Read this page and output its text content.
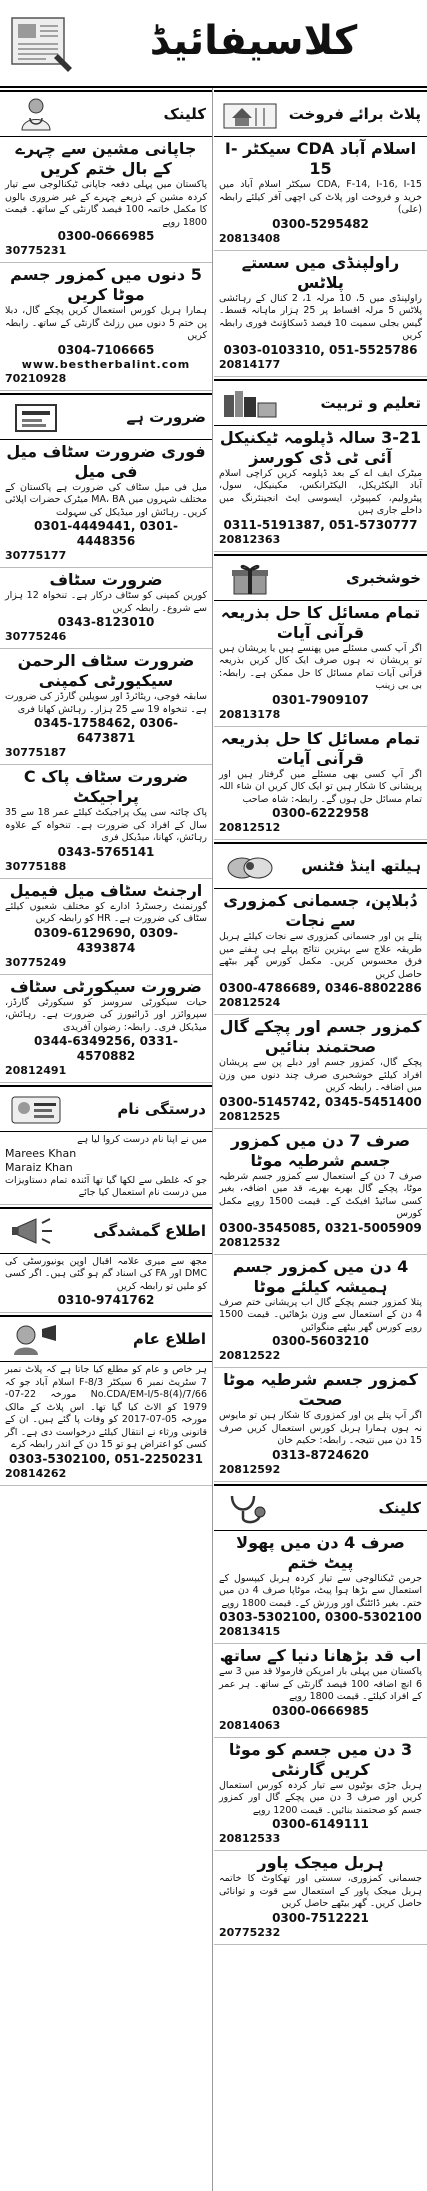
کلاسیفائیڈ
پلاٹ برائے فروخت
اسلام آباد CDA سیکٹر I-15
CDA, F-14, I-16, I-15 سیکٹر اسلام آباد میں خرید و فروخت اور پلاٹ کی اچھی آفر کیلئے رابطہ (علی)
0300-5295482
20813408
راولپنڈی میں سستے پلاٹس
راولپنڈی میں 5، 10 مرلہ 1، 2 کنال کے رہائشی پلاٹس 5 مرلہ اقساط پر 25 ہزار ماہانہ قسط۔ گیس بجلی سمیت 10 فیصد ڈسکاؤنٹ فوری رابطہ کریں
0303-0103310, 051-5525786
20814177
تعلیم و تربیت
3-21 سالہ ڈپلومہ ٹیکنیکل آئی ٹی ڈی کورسز
میٹرک ایف اے کے بعد ڈپلومہ کریں کراچی اسلام آباد الیکٹریکل، الیکٹرانکس، مکینیکل، سول، پیٹرولیم، کمپیوٹر، ایسوسی ایٹ انجینئرنگ میں داخلے جاری ہیں
0311-5191387, 051-5730777
20812363
خوشخبری
تمام مسائل کا حل بذریعہ قرآنی آیات
اگر آپ کسی مسئلے میں پھنسے ہیں یا پریشان ہیں تو پریشان نہ ہوں صرف ایک کال کریں بذریعہ قرآنی آیات تمام مسائل کا حل ممکن ہے۔ رابطہ: بی بی زینب
0301-7909107
20813178
تمام مسائل کا حل بذریعہ قرآنی آیات
اگر آپ کسی بھی مسئلے میں گرفتار ہیں اور پریشانی کا شکار ہیں تو ایک کال کریں ان شاء اللہ تمام مسائل حل ہوں گے۔ رابطہ: شاہ صاحب
0300-6222958
20812512
ہیلتھ اینڈ فٹنس
دُبلاپن، جسمانی کمزوری سے نجات
پتلے پن اور جسمانی کمزوری سے نجات کیلئے ہربل طریقہ علاج سے بہترین نتائج پہلے ہی ہفتے میں فرق محسوس کریں۔ مکمل کورس گھر بیٹھے حاصل کریں
0300-4786689, 0346-8802286
20812524
کمزور جسم اور پچکے گال صحتمند بنائیں
پچکے گال، کمزور جسم اور دبلے پن سے پریشان افراد کیلئے خوشخبری صرف چند دنوں میں وزن میں اضافہ۔ رابطہ کریں
0300-5145742, 0345-5451400
20812525
صرف 7 دن میں کمزور جسم شرطیہ موٹا
صرف 7 دن کے استعمال سے کمزور جسم شرطیہ موٹا، پچکے گال بھرے بھرے، قد میں اضافہ، بغیر کسی سائیڈ افیکٹ کے۔ قیمت 1500 روپے مکمل کورس
0300-3545085, 0321-5005909
20812532
4 دن میں کمزور جسم ہمیشہ کیلئے موٹا
پتلا کمزور جسم پچکے گال اب پریشانی ختم صرف 4 دن کے استعمال سے وزن بڑھائیں۔ قیمت 1500 روپے کورس گھر بیٹھے منگوائیں
0300-5603210
20812522
کمزور جسم شرطیہ موٹا صحت
اگر آپ پتلے پن اور کمزوری کا شکار ہیں تو مایوس نہ ہوں ہمارا ہربل کورس استعمال کریں صرف 15 دن میں نتیجہ۔ رابطہ: حکیم خان
0313-8724620
20812592
کلینک
صرف 4 دن میں پھولا پیٹ ختم
جرمن ٹیکنالوجی سے تیار کردہ ہربل کیپسول کے استعمال سے بڑھا ہوا پیٹ، موٹاپا صرف 4 دن میں ختم۔ بغیر ڈائٹنگ اور ورزش کے۔ قیمت 1800 روپے
0303-5302100, 0300-5302100
20813415
اب قد بڑھانا دنیا کے ساتھ
پاکستان میں پہلی بار امریکن فارمولا قد میں 3 سے 6 انچ اضافہ 100 فیصد گارنٹی کے ساتھ۔ ہر عمر کے افراد کیلئے۔ قیمت 1800 روپے
0300-0666985
20814063
3 دن میں جسم کو موٹا کریں گارنٹی
ہربل جڑی بوٹیوں سے تیار کردہ کورس استعمال کریں اور صرف 3 دن میں پچکے گال اور کمزور جسم کو صحتمند بنائیں۔ قیمت 1200 روپے
0300-6149111
20812533
ہربل میجک پاور
جسمانی کمزوری، سستی اور تھکاوٹ کا خاتمہ ہربل میجک پاور کے استعمال سے قوت و توانائی حاصل کریں۔ گھر بیٹھے حاصل کریں
0300-7512221
20775232
کلینک
جاپانی مشین سے چہرے کے بال ختم کریں
پاکستان میں پہلی دفعہ جاپانی ٹیکنالوجی سے تیار کردہ مشین کے ذریعے چہرے کے غیر ضروری بالوں کا مکمل خاتمہ 100 فیصد گارنٹی کے ساتھ۔ قیمت 1800 روپے
0300-0666985
30775231
5 دنوں میں کمزور جسم موٹا کریں
ہمارا ہربل کورس استعمال کریں پچکے گال، دبلا پن ختم 5 دنوں میں رزلٹ گارنٹی کے ساتھ۔ رابطہ کریں
0304-7106665
www.bestherbalint.com
70210928
ضرورت ہے
فوری ضرورت سٹاف میل فی میل
میل فی میل سٹاف کی ضرورت ہے پاکستان کے مختلف شہروں میں MA، BA میٹرک حضرات اپلائی کریں۔ رہائش اور میڈیکل کی سہولت
0301-4449441, 0301-4448356
30775177
ضرورت سٹاف
کورین کمپنی کو سٹاف درکار ہے۔ تنخواہ 12 ہزار سے شروع۔ رابطہ کریں
0343-8123010
30775246
ضرورت سٹاف الرحمن سیکیورٹی کمپنی
سابقہ فوجی، ریٹائرڈ اور سویلین گارڈز کی ضرورت ہے۔ تنخواہ 19 سے 25 ہزار۔ رہائش کھانا فری
0345-1758462, 0306-6473871
30775187
ضرورت سٹاف پاک C پراجیکٹ
پاک چائنہ سی پیک پراجیکٹ کیلئے عمر 18 سے 35 سال کے افراد کی ضرورت ہے۔ تنخواہ کے علاوہ رہائش، کھانا، میڈیکل فری
0343-5765141
30775188
ارجنٹ سٹاف میل فیمیل
گورنمنٹ رجسٹرڈ ادارے کو مختلف شعبوں کیلئے سٹاف کی ضرورت ہے۔ HR کو رابطہ کریں
0309-6129690, 0309-4393874
30775249
ضرورت سیکورٹی سٹاف
حیات سیکورٹی سروسز کو سیکورٹی گارڈز، سپروائزر اور ڈرائیورز کی ضرورت ہے۔ رہائش، میڈیکل فری۔ رابطہ: رضوان آفریدی
0344-6349256, 0331-4570882
20812491
درستگی نام
میں نے اپنا نام درست کروا لیا ہے
Marees Khan
Maraiz Khan
جو کہ غلطی سے لکھا گیا تھا آئندہ تمام دستاویزات میں درست نام استعمال کیا جائے
اطلاع گمشدگی
مجھ سے میری علامہ اقبال اوپن یونیورسٹی کی DMC اور FA کی اسناد گم ہو گئی ہیں۔ اگر کسی کو ملیں تو رابطہ کریں
0310-9741762
اطلاع عام
ہر خاص و عام کو مطلع کیا جاتا ہے کہ پلاٹ نمبر 7 سٹریٹ نمبر 6 سیکٹر F-8/3 اسلام آباد جو کہ No.CDA/EM-I/5-8(4)/7/66 مورخہ 22-07-1979 کو الاٹ کیا گیا تھا۔ اس پلاٹ کے مالک مورخہ 05-07-2017 کو وفات پا گئے ہیں۔ ان کے قانونی ورثاء نے انتقال کیلئے درخواست دی ہے۔ اگر کسی کو اعتراض ہو تو 15 دن کے اندر رابطہ کرے
0303-5302100, 051-2250231
20814262
